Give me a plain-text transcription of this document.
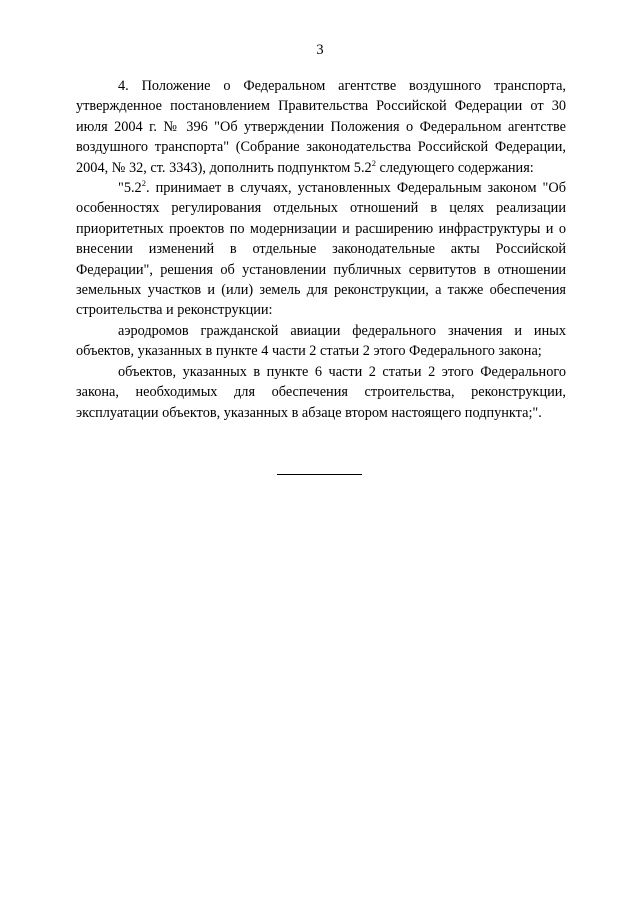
3

4. Положение о Федеральном агентстве воздушного транспорта, утвержденное постановлением Правительства Российской Федерации от 30 июля 2004 г. № 396 "Об утверждении Положения о Федеральном агентстве воздушного транспорта" (Собрание законодательства Российской Федерации, 2004, № 32, ст. 3343), дополнить подпунктом $5.2^2$ следующего содержания:

"$5.2^2$. принимает в случаях, установленных Федеральным законом "Об особенностях регулирования отдельных отношений в целях реализации приоритетных проектов по модернизации и расширению инфраструктуры и о внесении изменений в отдельные законодательные акты Российской Федерации", решения об установлении публичных сервитутов в отношении земельных участков и (или) земель для реконструкции, а также обеспечения строительства и реконструкции:

аэродромов гражданской авиации федерального значения и иных объектов, указанных в пункте 4 части 2 статьи 2 этого Федерального закона;

объектов, указанных в пункте 6 части 2 статьи 2 этого Федерального закона, необходимых для обеспечения строительства, реконструкции, эксплуатации объектов, указанных в абзаце втором настоящего подпункта;".
